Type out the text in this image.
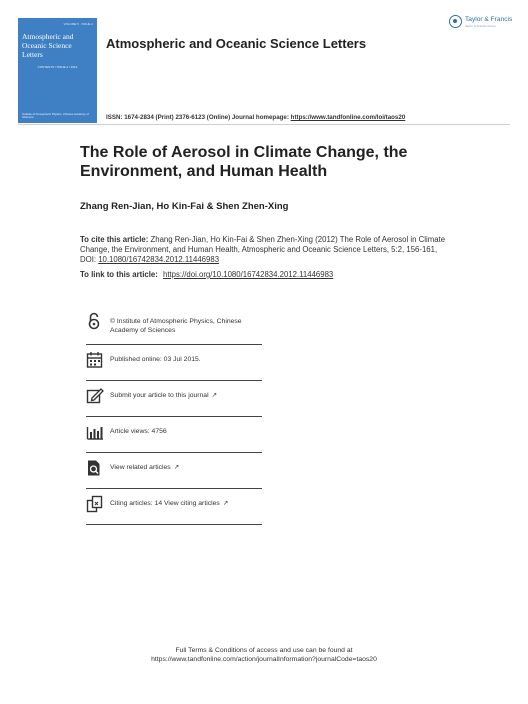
VOLUME 5 · ISSUE 2
Atmospheric and Oceanic Science Letters
CONTENTS / ISSUE 2 / 2012
Institute of Atmospheric Physics, Chinese Academy of Sciences
Atmospheric and Oceanic Science Letters
Taylor & Francis
Taylor & Francis Group
ISSN: 1674-2834 (Print) 2376-6123 (Online) Journal homepage: https://www.tandfonline.com/loi/taos20
The Role of Aerosol in Climate Change, the Environment, and Human Health
Zhang Ren-Jian, Ho Kin-Fai & Shen Zhen-Xing
To cite this article: Zhang Ren-Jian, Ho Kin-Fai & Shen Zhen-Xing (2012) The Role of Aerosol in Climate Change, the Environment, and Human Health, Atmospheric and Oceanic Science Letters, 5:2, 156-161, DOI: 10.1080/16742834.2012.11446983
To link to this article: https://doi.org/10.1080/16742834.2012.11446983
© Institute of Atmospheric Physics, Chinese Academy of Sciences
Published online: 03 Jul 2015.
Submit your article to this journal ↗
Article views: 4756
View related articles ↗
Citing articles: 14 View citing articles ↗
Full Terms & Conditions of access and use can be found at
https://www.tandfonline.com/action/journalInformation?journalCode=taos20
